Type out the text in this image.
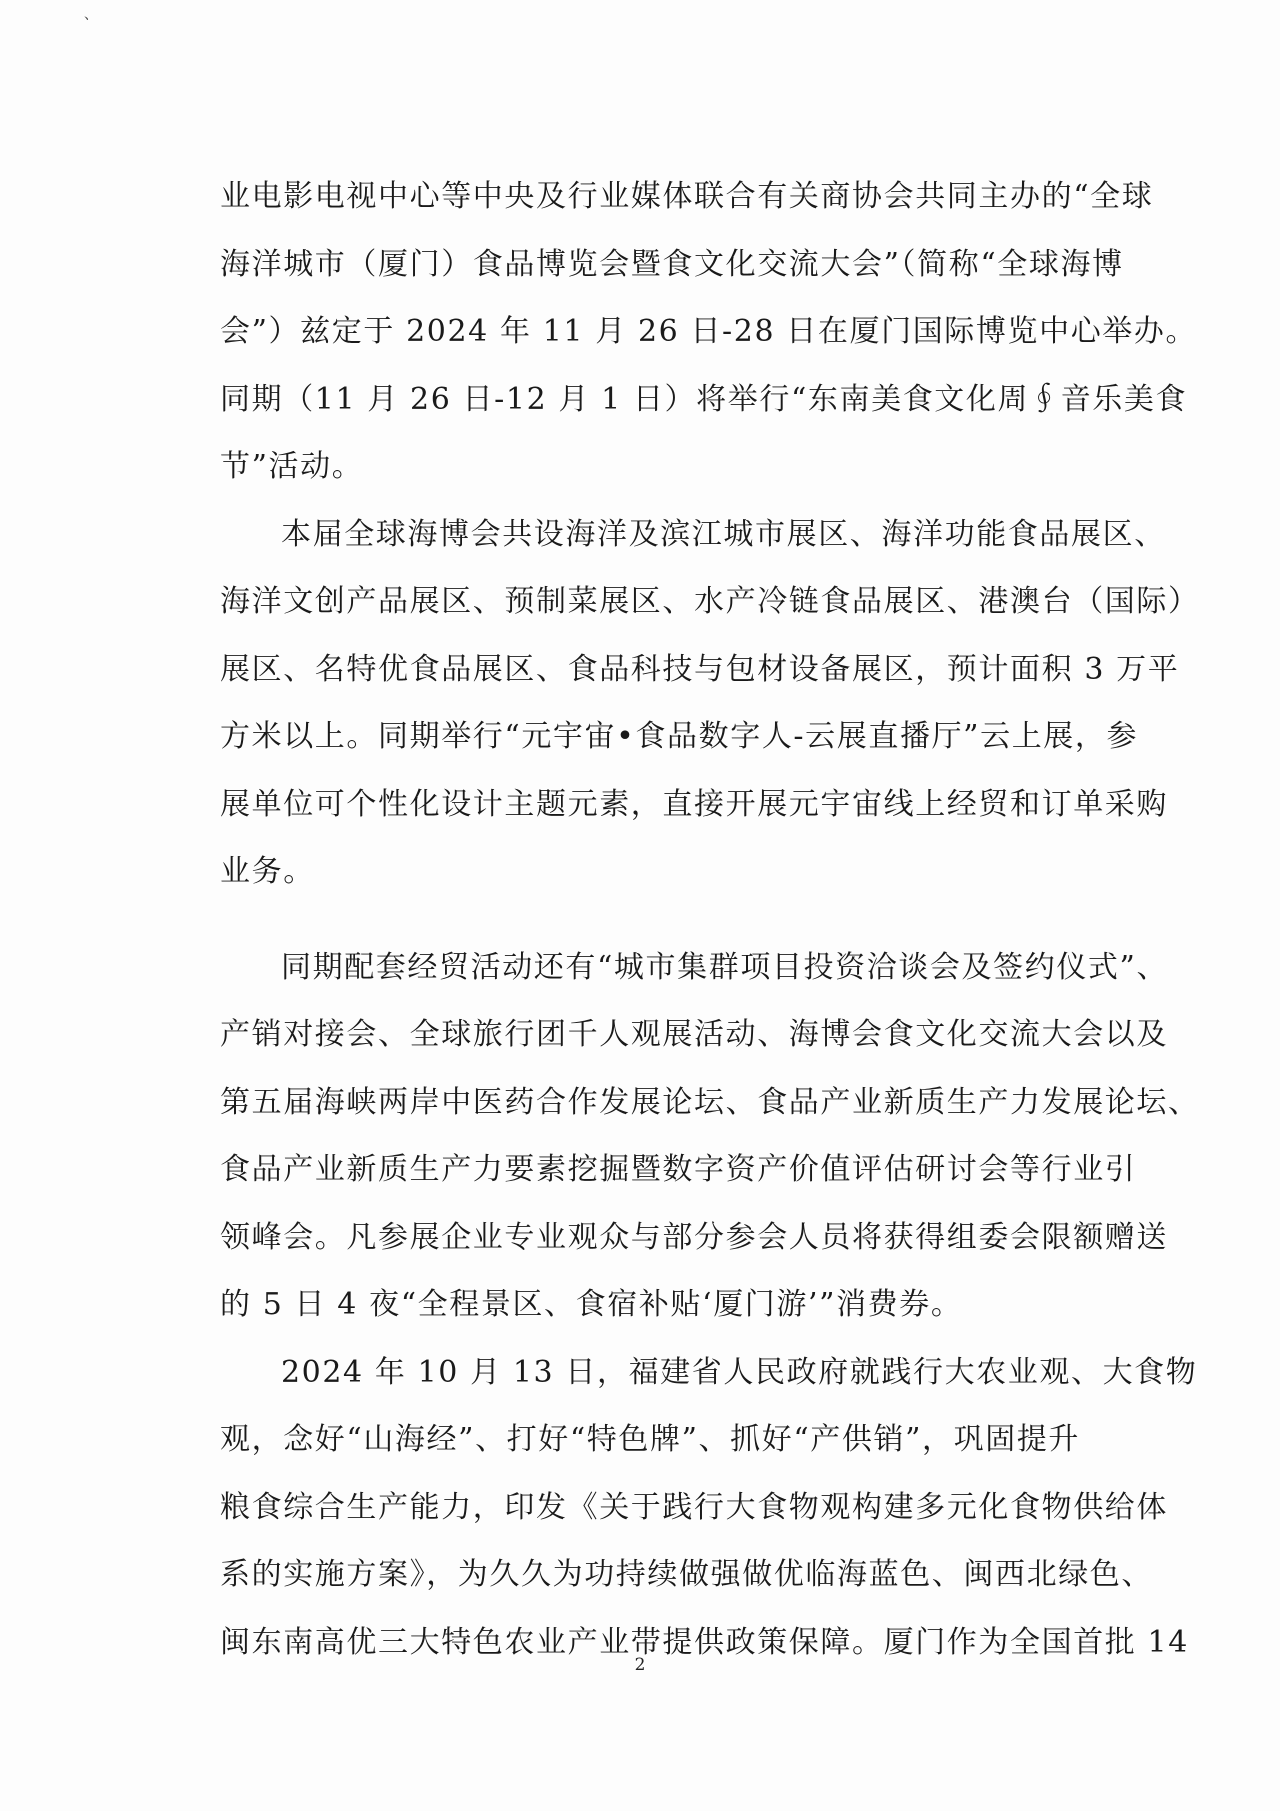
、
业电影电视中心等中央及行业媒体联合有关商协会共同主办的“全球
海洋城市（厦门）食品博览会暨食文化交流大会”（简称“全球海博
会”）兹定于 2024 年 11 月 26 日-28 日在厦门国际博览中心举办。
同期（11 月 26 日-12 月 1 日）将举行“东南美食文化周∮音乐美食
节”活动。
本届全球海博会共设海洋及滨江城市展区、海洋功能食品展区、
海洋文创产品展区、预制菜展区、水产冷链食品展区、港澳台（国际）
展区、名特优食品展区、食品科技与包材设备展区，预计面积 3 万平
方米以上。同期举行“元宇宙•食品数字人-云展直播厅”云上展，参
展单位可个性化设计主题元素，直接开展元宇宙线上经贸和订单采购
业务。
同期配套经贸活动还有“城市集群项目投资洽谈会及签约仪式”、
产销对接会、全球旅行团千人观展活动、海博会食文化交流大会以及
第五届海峡两岸中医药合作发展论坛、食品产业新质生产力发展论坛、
食品产业新质生产力要素挖掘暨数字资产价值评估研讨会等行业引
领峰会。凡参展企业专业观众与部分参会人员将获得组委会限额赠送
的 5 日 4 夜“全程景区、食宿补贴‘厦门游’”消费券。
2024 年 10 月 13 日，福建省人民政府就践行大农业观、大食物
观，念好“山海经”、打好“特色牌”、抓好“产供销”，巩固提升
粮食综合生产能力，印发《关于践行大食物观构建多元化食物供给体
系的实施方案》，为久久为功持续做强做优临海蓝色、闽西北绿色、
闽东南高优三大特色农业产业带提供政策保障。厦门作为全国首批 14
2
